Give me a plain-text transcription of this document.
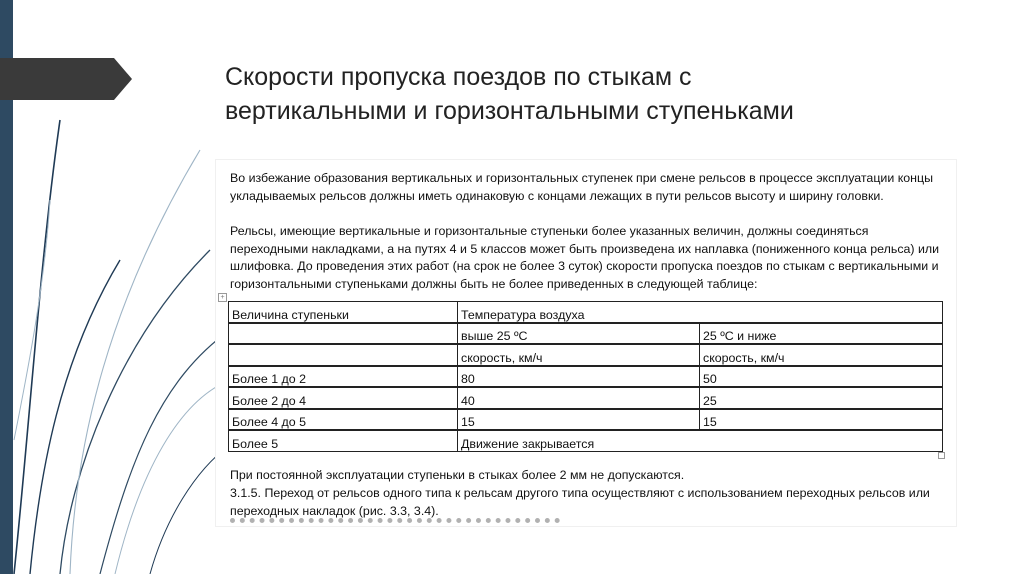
Скорости пропуска поездов по стыкам с
вертикальными и горизонтальными ступеньками

Во избежание образования вертикальных и горизонтальных ступенек при смене рельсов в процессе эксплуатации концы укладываемых рельсов должны иметь одинаковую с концами лежащих в пути рельсов высоту и ширину головки.

Рельсы, имеющие вертикальные и горизонтальные ступеньки более указанных величин, должны соединяться переходными накладками, а на путях 4 и 5 классов может быть произведена их наплавка (пониженного конца рельса) или шлифовка. До проведения этих работ (на срок не более 3 суток) скорости пропуска поездов по стыкам с вертикальными и горизонтальными ступеньками должны быть не более приведенных в следующей таблице:

+
Величина ступеньки	Температура воздуха	
	выше 25 ºС	25 ºС и ниже
	скорость, км/ч	скорость, км/ч
Более 1 до 2	80	50
Более 2 до 4	40	25
Более 4 до 5	15	15
Более 5	Движение закрывается	

При постоянной эксплуатации ступеньки в стыках более 2 мм не допускаются.

3.1.5. Переход от рельсов одного типа к рельсам другого типа осуществляют с использованием переходных рельсов или переходных накладок (рис. 3.3, 3.4).
